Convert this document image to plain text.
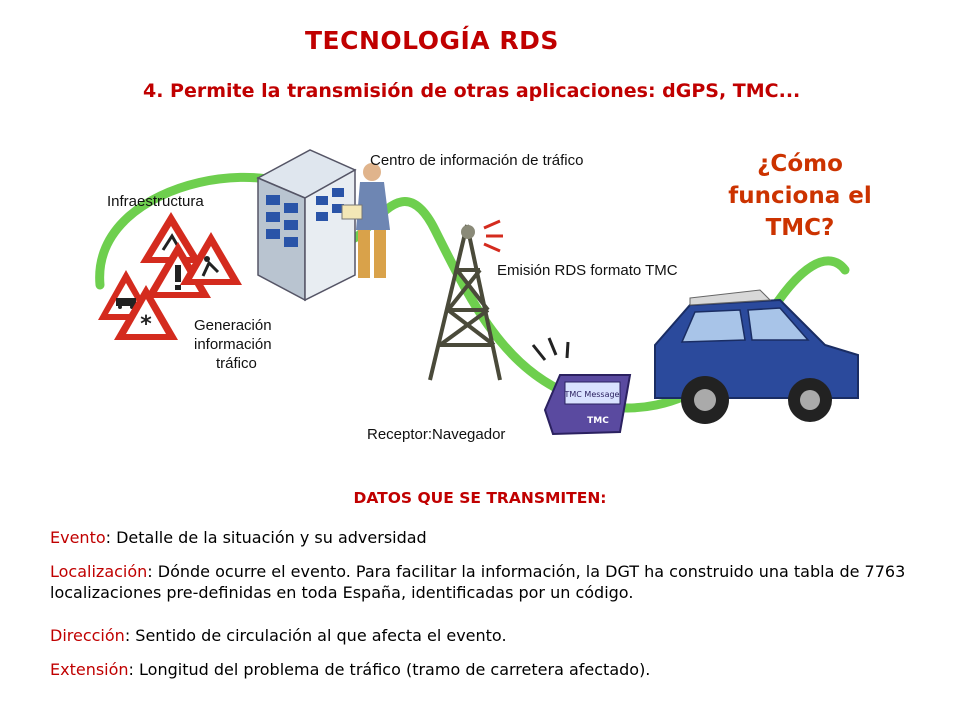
TECNOLOGÍA RDS
4. Permite la transmisión de otras aplicaciones: dGPS, TMC...
*
TMC Message
TMC
Centro de información de tráfico
Infraestructura
Emisión RDS formato TMC
Generación
información
tráfico
Receptor:Navegador
¿Cómo
funciona el
TMC?
DATOS QUE SE TRANSMITEN:
Evento: Detalle de la situación y su adversidad
Localización: Dónde ocurre el evento. Para facilitar la información, la DGT ha construido una tabla de 7763 localizaciones pre-definidas en toda España, identificadas por un código.
Dirección: Sentido de circulación al que afecta el evento.
Extensión: Longitud del problema de tráfico (tramo de carretera afectado).
